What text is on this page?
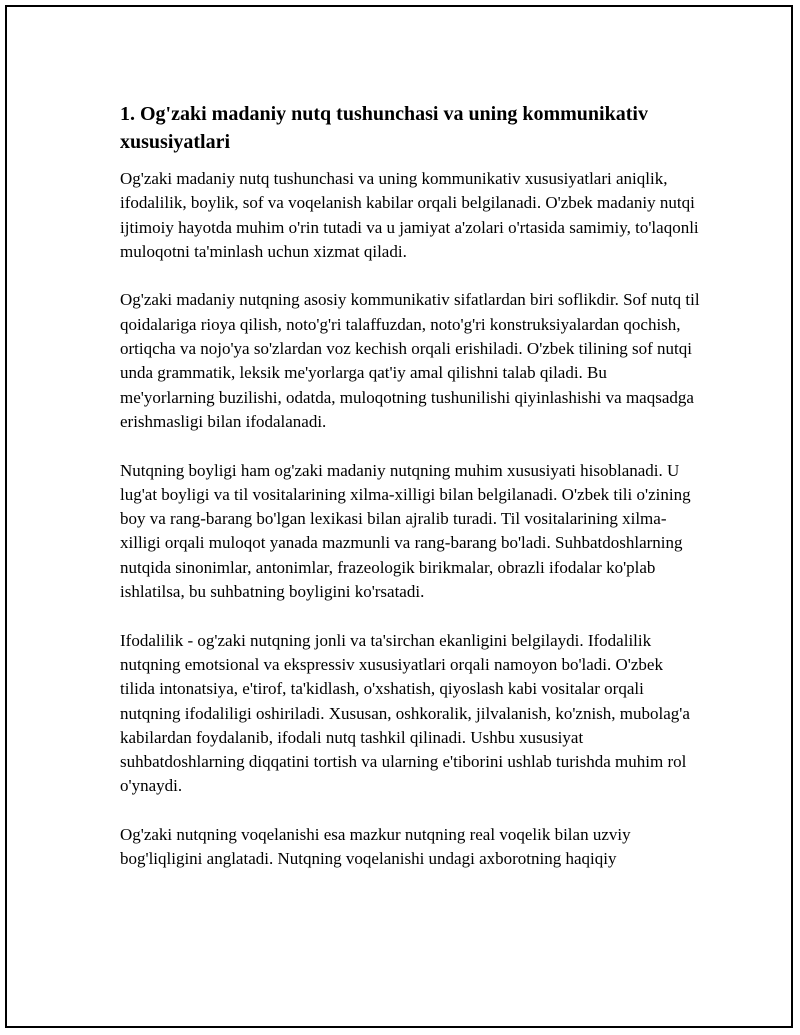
1. Og'zaki madaniy nutq tushunchasi va uning kommunikativ xususiyatlari

Og'zaki madaniy nutq tushunchasi va uning kommunikativ xususiyatlari aniqlik, ifodalilik, boylik, sof va voqelanish kabilar orqali belgilanadi. O'zbek madaniy nutqi ijtimoiy hayotda muhim o'rin tutadi va u jamiyat a'zolari o'rtasida samimiy, to'laqonli muloqotni ta'minlash uchun xizmat qiladi.

Og'zaki madaniy nutqning asosiy kommunikativ sifatlardan biri soflikdir. Sof nutq til qoidalariga rioya qilish, noto'g'ri talaffuzdan, noto'g'ri konstruksiyalardan qochish, ortiqcha va nojo'ya so'zlardan voz kechish orqali erishiladi. O'zbek tilining sof nutqi unda grammatik, leksik me'yorlarga qat'iy amal qilishni talab qiladi. Bu me'yorlarning buzilishi, odatda, muloqotning tushunilishi qiyinlashishi va maqsadga erishmasligi bilan ifodalanadi.

Nutqning boyligi ham og'zaki madaniy nutqning muhim xususiyati hisoblanadi. U lug'at boyligi va til vositalarining xilma-xilligi bilan belgilanadi. O'zbek tili o'zining boy va rang-barang bo'lgan lexikasi bilan ajralib turadi. Til vositalarining xilma-xilligi orqali muloqot yanada mazmunli va rang-barang bo'ladi. Suhbatdoshlarning nutqida sinonimlar, antonimlar, frazeologik birikmalar, obrazli ifodalar ko'plab ishlatilsa, bu suhbatning boyligini ko'rsatadi.

Ifodalilik - og'zaki nutqning jonli va ta'sirchan ekanligini belgilaydi. Ifodalilik nutqning emotsional va ekspressiv xususiyatlari orqali namoyon bo'ladi. O'zbek tilida intonatsiya, e'tirof, ta'kidlash, o'xshatish, qiyoslash kabi vositalar orqali nutqning ifodaliligi oshiriladi. Xususan, oshkoralik, jilvalanish, ko'znish, mubolag'a kabilardan foydalanib, ifodali nutq tashkil qilinadi. Ushbu xususiyat suhbatdoshlarning diqqatini tortish va ularning e'tiborini ushlab turishda muhim rol o'ynaydi.

Og'zaki nutqning voqelanishi esa mazkur nutqning real voqelik bilan uzviy bog'liqligini anglatadi. Nutqning voqelanishi undagi axborotning haqiqiy
